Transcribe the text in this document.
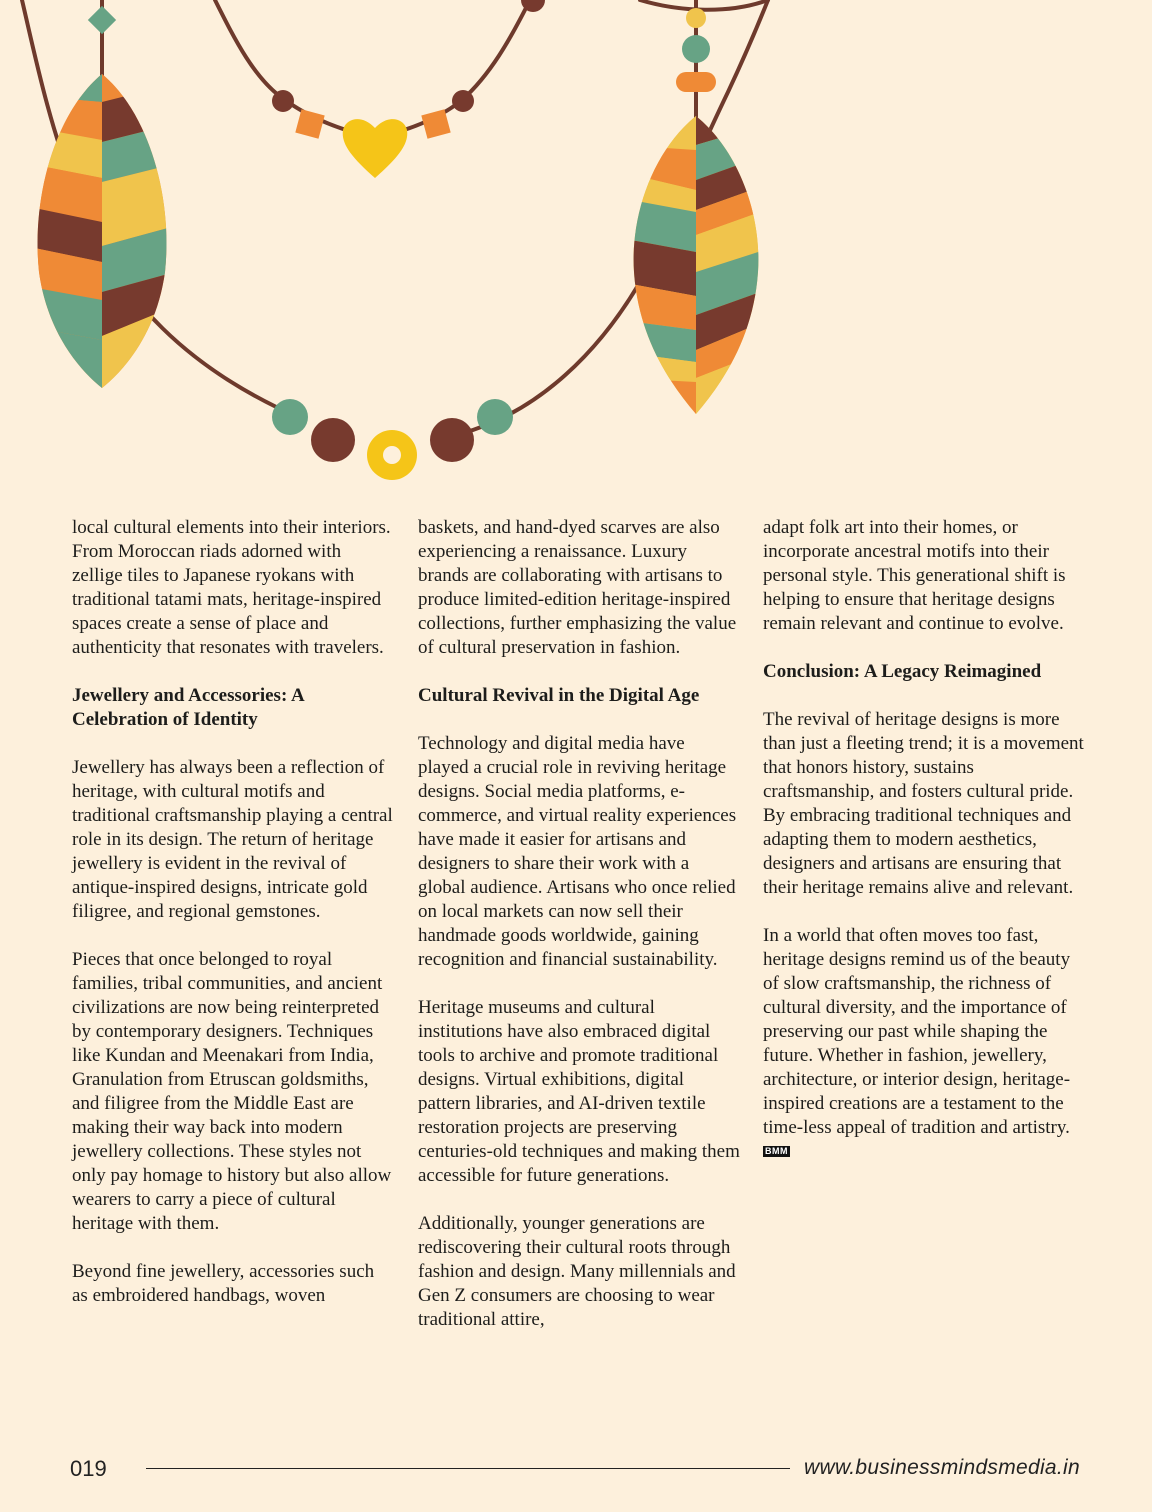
local cultural elements into their interiors. From Moroccan riads adorned with zellige tiles to Japanese ryokans with traditional tatami mats, heritage-inspired spaces create a sense of place and authenticity that resonates with travelers.

Jewellery and Accessories: A Celebration of Identity

Jewellery has always been a reflection of heritage, with cultural motifs and traditional craftsmanship playing a central role in its design. The return of heritage jewellery is evident in the revival of antique-inspired designs, intricate gold filigree, and regional gemstones.

Pieces that once belonged to royal families, tribal communities, and ancient civilizations are now being reinterpreted by contemporary designers. Techniques like Kundan and Meenakari from India, Granulation from Etruscan goldsmiths, and filigree from the Middle East are making their way back into modern jewellery collections. These styles not only pay homage to history but also allow wearers to carry a piece of cultural heritage with them.

Beyond fine jewellery, accessories such as embroidered handbags, woven

baskets, and hand-dyed scarves are also experiencing a renaissance. Luxury brands are collaborating with artisans to produce limited-edition heritage-inspired collections, further emphasizing the value of cultural preservation in fashion.

Cultural Revival in the Digital Age

Technology and digital media have played a crucial role in reviving heritage designs. Social media platforms, e-commerce, and virtual reality experiences have made it easier for artisans and designers to share their work with a global audience. Artisans who once relied on local markets can now sell their handmade goods worldwide, gaining recognition and financial sustainability.

Heritage museums and cultural institutions have also embraced digital tools to archive and promote traditional designs. Virtual exhibitions, digital pattern libraries, and AI-driven textile restoration projects are preserving centuries-old techniques and making them accessible for future generations.

Additionally, younger generations are rediscovering their cultural roots through fashion and design. Many millennials and Gen Z consumers are choosing to wear traditional attire,

adapt folk art into their homes, or incorporate ancestral motifs into their personal style. This generational shift is helping to ensure that heritage designs remain relevant and continue to evolve.

Conclusion: A Legacy Reimagined

The revival of heritage designs is more than just a fleeting trend; it is a movement that honors history, sustains craftsmanship, and fosters cultural pride. By embracing traditional techniques and adapting them to modern aesthetics, designers and artisans are ensuring that their heritage remains alive and relevant.

In a world that often moves too fast, heritage designs remind us of the beauty of slow craftsmanship, the richness of cultural diversity, and the importance of preserving our past while shaping the future. Whether in fashion, jewellery, architecture, or interior design, heritage-inspired creations are a testament to the time-less appeal of tradition and artistry.BMM

019	www.businessmindsmedia.in
